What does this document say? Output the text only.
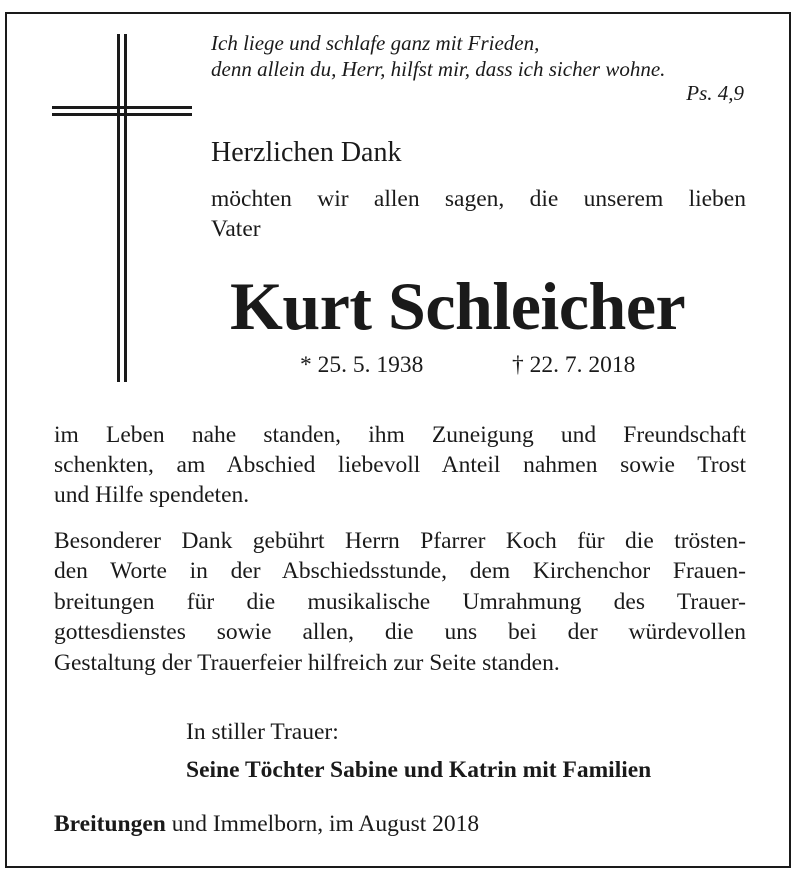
Ich liege und schlafe ganz mit Frieden,
denn allein du, Herr, hilfst mir, dass ich sicher wohne.
Ps. 4,9
Herzlichen Dank
möchten wir allen sagen, die unserem lieben
Vater
Kurt Schleicher
* 25. 5. 1938	† 22. 7. 2018
im Leben nahe standen, ihm Zuneigung und Freundschaft
schenkten, am Abschied liebevoll Anteil nahmen sowie Trost
und Hilfe spendeten.
Besonderer Dank gebührt Herrn Pfarrer Koch für die trösten-
den Worte in der Abschiedsstunde, dem Kirchenchor Frauen-
breitungen für die musikalische Umrahmung des Trauer-
gottesdienstes sowie allen, die uns bei der würdevollen
Gestaltung der Trauerfeier hilfreich zur Seite standen.
In stiller Trauer:
Seine Töchter Sabine und Katrin mit Familien
Breitungen und Immelborn, im August 2018
